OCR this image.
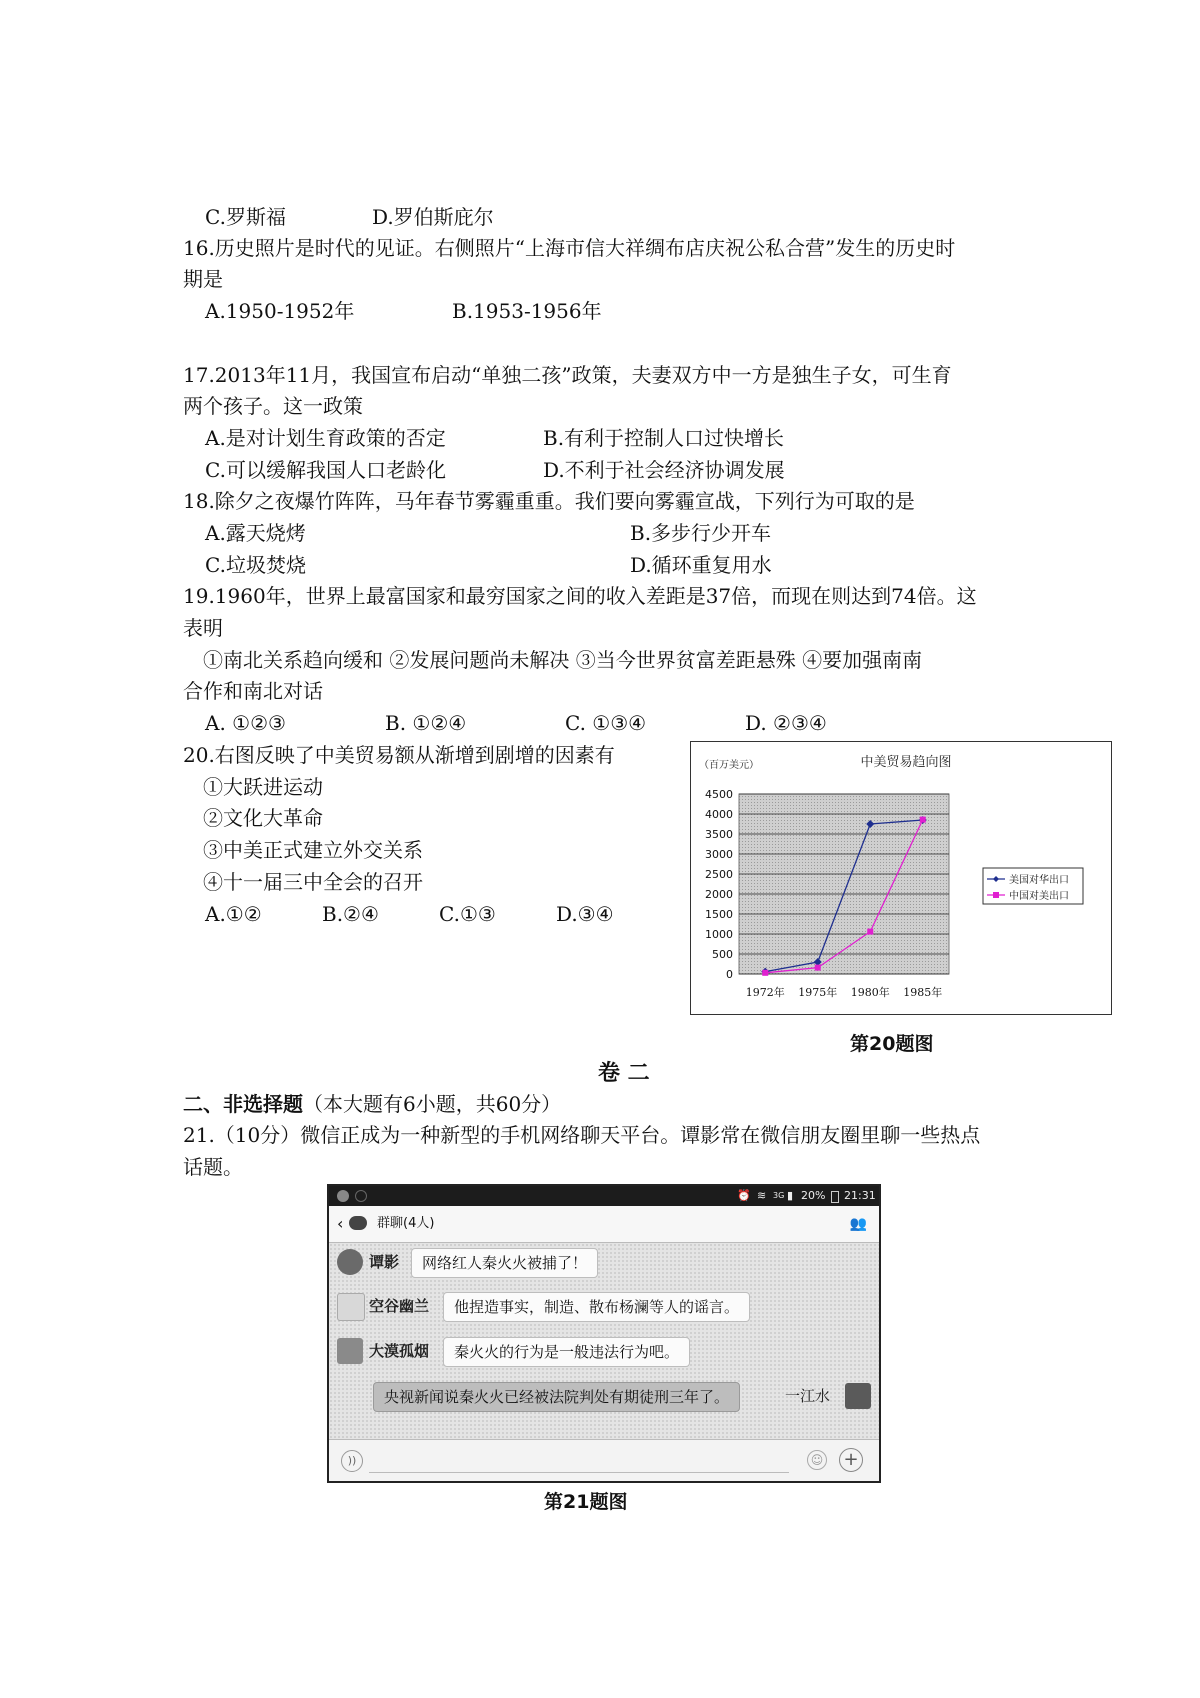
C.罗斯福	D.罗伯斯庇尔
16.历史照片是时代的见证。右侧照片“上海市信大祥绸布店庆祝公私合营”发生的历史时
期是
A.1950-1952年	B.1953-1956年
17.2013年11月，我国宣布启动“单独二孩”政策，夫妻双方中一方是独生子女，可生育
两个孩子。这一政策
A.是对计划生育政策的否定	B.有利于控制人口过快增长
C.可以缓解我国人口老龄化	D.不利于社会经济协调发展
18.除夕之夜爆竹阵阵，马年春节雾霾重重。我们要向雾霾宣战，下列行为可取的是
A.露天烧烤	B.多步行少开车
C.垃圾焚烧	D.循环重复用水
19.1960年，世界上最富国家和最穷国家之间的收入差距是37倍，而现在则达到74倍。这
表明
①南北关系趋向缓和 ②发展问题尚未解决 ③当今世界贫富差距悬殊 ④要加强南南
合作和南北对话
A. ①②③	B. ①②④	C. ①③④	D. ②③④
20.右图反映了中美贸易额从渐增到剧增的因素有
①大跃进运动
②文化大革命
③中美正式建立外交关系
④十一届三中全会的召开
A.①②	B.②④	C.①③	D.③④
0
500
1000
1500
2000
2500
3000
3500
4000
4500
1972年 1975年 1980年 1985年
中美贸易趋向图
（百万美元）
美国对华出口
中国对美出口
第20题图
卷 二
二、非选择题（本大题有6小题，共60分）
21.（10分）微信正成为一种新型的手机网络聊天平台。谭影常在微信朋友圈里聊一些热点
话题。
⏰ ≋ 3G ▮ 20% 21:31
‹	群聊(4人)	👥
谭影	网络红人秦火火被捕了！
空谷幽兰	他捏造事实，制造、散布杨澜等人的谣言。
大漠孤烟	秦火火的行为是一般违法行为吧。
央视新闻说秦火火已经被法院判处有期徒刑三年了。	一江水
))	☺ +
第21题图
